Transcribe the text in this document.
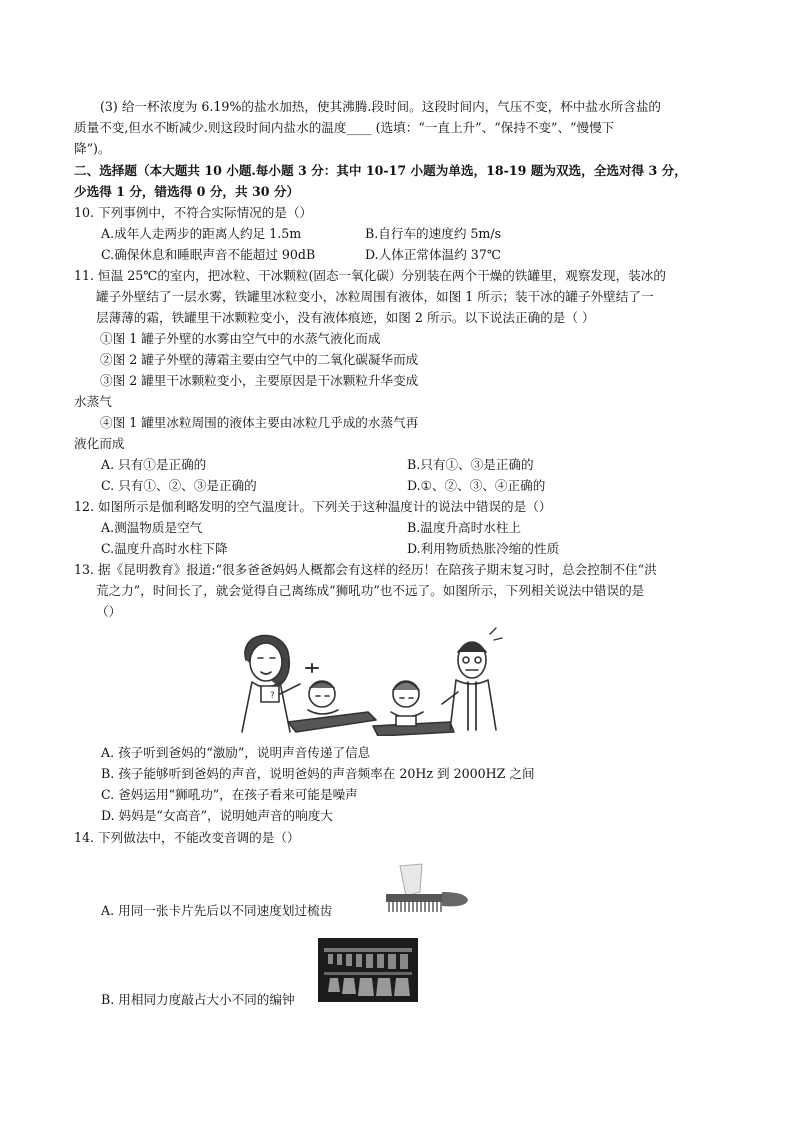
(3) 给一杯浓度为 6.19%的盐水加热，使其沸腾.段时间。这段时间内，气压不变，杯中盐水所含盐的
质量不变,但水不断减少.则这段时间内盐水的温度____ (选填：“一直上升”、“保持不变”、“慢慢下
降”)。
二、选择题（本大题共 10 小题.每小题 3 分：其中 10-17 小题为单选，18-19 题为双选，全选对得 3 分，
少选得 1 分，错选得 0 分，共 30 分）
10. 下列事例中，不符合实际情况的是（）
A.成年人走两步的距离人约足 1.5m	B.自行车的速度约 5m/s
C.确保休息和睡眠声音不能超过 90dB	D.人体正常体温约 37℃
11. 恒温 25℃的室内，把冰粒、干冰颗粒(固态一氧化碳）分别装在两个干燥的铁罐里，观察发现，装冰的
罐子外壁结了一层水雾，铁罐里冰粒变小，冰粒周围有液体，如图 1 所示；装干冰的罐子外壁结了一
层薄薄的霜，铁罐里干冰颗粒变小，没有液体痕迹，如图 2 所示。以下说法正确的是（ ）
①图 1 罐子外壁的水雾由空气中的水蒸气液化而成
②图 2 罐子外壁的薄霜主要由空气中的二氧化碳凝华而成
③图 2 罐里干冰颗粒变小，主要原因是干冰颗粒升华变成
水蒸气
④图 1 罐里冰粒周围的液体主要由冰粒几乎成的水蒸气再
液化而成
A. 只有①是正确的	B.只有①、③是正确的
C. 只有①、②、③是正确的	D.①、②、③、④正确的
12. 如图所示是伽利略发明的空气温度计。下列关于这种温度计的说法中错误的是（）
A.测温物质是空气	B.温度升高时水柱上
C.温度升高时水柱下降	D.利用物质热胀冷缩的性质
13. 据《昆明教育》报道:“很多爸爸妈妈人概都会有这样的经历！在陪孩子期末复习时，总会控制不住“洪
荒之力”，时间长了，就会觉得自己离练成“狮吼功”也不远了。如图所示，下列相关说法中错误的是
（）
?
A. 孩子听到爸妈的“激励”，说明声音传递了信息
B. 孩子能够听到爸妈的声音，说明爸妈的声音频率在 20Hz 到 2000HZ 之间
C. 爸妈运用“狮吼功”，在孩子看来可能是噪声
D. 妈妈是“女高音”，说明她声音的响度大
14. 下列做法中，不能改变音调的是（）
A. 用同一张卡片先后以不同速度划过梳齿
B. 用相同力度敲占大小不同的编钟
